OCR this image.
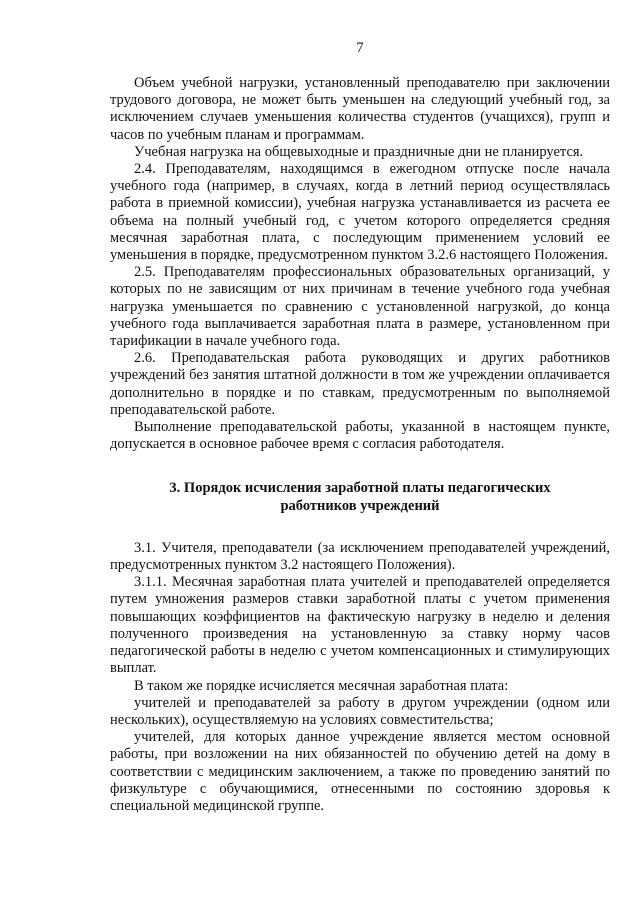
7

Объем учебной нагрузки, установленный преподавателю при заключении трудового договора, не может быть уменьшен на следующий учебный год, за исключением случаев уменьшения количества студентов (учащихся), групп и часов по учебным планам и программам.

Учебная нагрузка на общевыходные и праздничные дни не планируется.

2.4. Преподавателям, находящимся в ежегодном отпуске после начала учебного года (например, в случаях, когда в летний период осуществлялась работа в приемной комиссии), учебная нагрузка устанавливается из расчета ее объема на полный учебный год, с учетом которого определяется средняя месячная заработная плата, с последующим применением условий ее уменьшения в порядке, предусмотренном пунктом 3.2.6 настоящего Положения.

2.5. Преподавателям профессиональных образовательных организаций, у которых по не зависящим от них причинам в течение учебного года учебная нагрузка уменьшается по сравнению с установленной нагрузкой, до конца учебного года выплачивается заработная плата в размере, установленном при тарификации в начале учебного года.

2.6. Преподавательская работа руководящих и других работников учреждений без занятия штатной должности в том же учреждении оплачивается дополнительно в порядке и по ставкам, предусмотренным по выполняемой преподавательской работе.

Выполнение преподавательской работы, указанной в настоящем пункте, допускается в основное рабочее время с согласия работодателя.

3. Порядок исчисления заработной платы педагогических
работников учреждений

3.1. Учителя, преподаватели (за исключением преподавателей учреждений, предусмотренных пунктом 3.2 настоящего Положения).

3.1.1. Месячная заработная плата учителей и преподавателей определяется путем умножения размеров ставки заработной платы с учетом применения повышающих коэффициентов на фактическую нагрузку в неделю и деления полученного произведения на установленную за ставку норму часов педагогической работы в неделю с учетом компенсационных и стимулирующих выплат.

В таком же порядке исчисляется месячная заработная плата:

учителей и преподавателей за работу в другом учреждении (одном или нескольких), осуществляемую на условиях совместительства;

учителей, для которых данное учреждение является местом основной работы, при возложении на них обязанностей по обучению детей на дому в соответствии с медицинским заключением, а также по проведению занятий по физкультуре с обучающимися, отнесенными по состоянию здоровья к специальной медицинской группе.
